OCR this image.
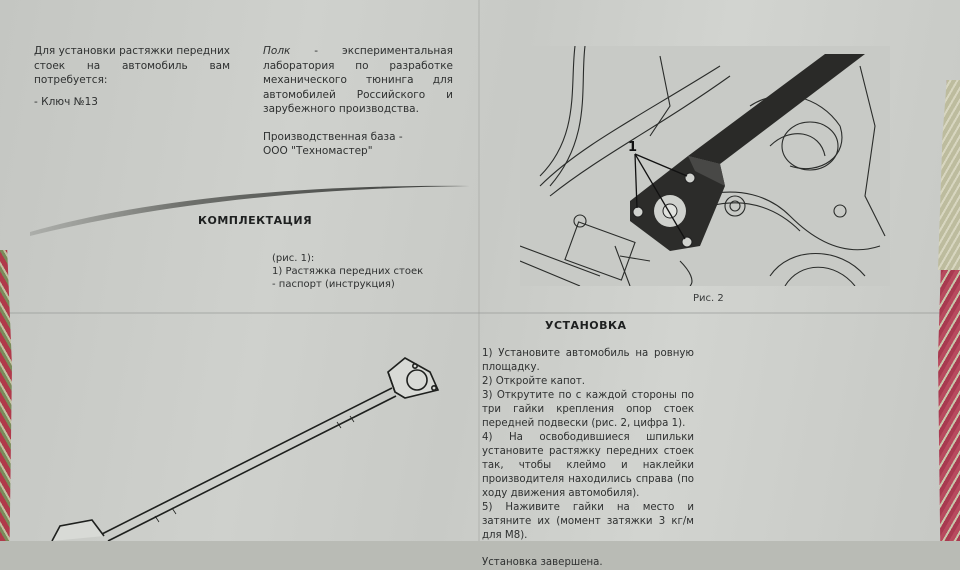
Для установки растяжки передних стоек на автомобиль вам потребуется:

- Ключ №13

Полк - экспериментальная лаборатория по разработке механического тюнинга для автомобилей Российского и зарубежного производства.

Производственная база -

ООО "Техномастер"

КОМПЛЕКТАЦИЯ

(рис. 1):

1) Растяжка передних стоек

- паспорт (инструкция)

1
Рис. 2
УСТАНОВКА

1) Установите автомобиль на ровную площадку.

2) Откройте капот.

3) Открутите по с каждой стороны по три гайки крепления опор стоек передней подвески (рис. 2, цифра 1).

4) На освободившиеся шпильки установите растяжку передних стоек так, чтобы клеймо и наклейки производителя находились справа (по ходу движения автомобиля).

5) Наживите гайки на место и затяните их (момент затяжки 3 кг/м для М8).

Установка завершена.
